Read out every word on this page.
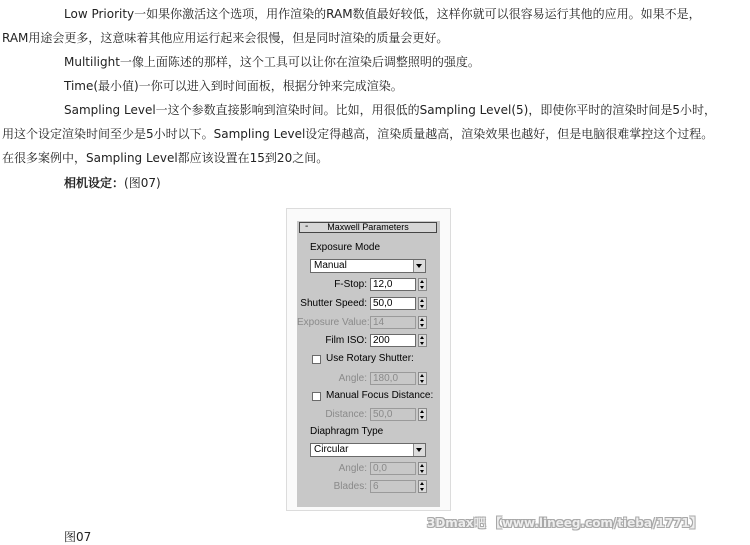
Low Priority一如果你激活这个选项，用作渲染的RAM数值最好较低，这样你就可以很容易运行其他的应用。如果不是，
RAM用途会更多，这意味着其他应用运行起来会很慢，但是同时渲染的质量会更好。
Multilight一像上面陈述的那样，这个工具可以让你在渲染后调整照明的强度。
Time(最小值)一你可以进入到时间面板，根据分钟来完成渲染。
Sampling Level一这个参数直接影响到渲染时间。比如，用很低的Sampling Level(5)，即使你平时的渲染时间是5小时，
用这个设定渲染时间至少是5小时以下。Sampling Level设定得越高，渲染质量越高，渲染效果也越好，但是电脑很难掌控这个过程。
在很多案例中，Sampling Level都应该设置在15到20之间。
相机设定：(图07)
-	Maxwell Parameters
Exposure Mode
Manual
F-Stop: 12,0
Shutter Speed: 50,0
Exposure Value: 14
Film ISO: 200
Use Rotary Shutter:
Angle: 180,0
Manual Focus Distance:
Distance: 50,0
Diaphragm Type
Circular
Angle: 0,0
Blades: 6
3Dmax吧 【www.lineeg.com/tieba/1771】
图07
